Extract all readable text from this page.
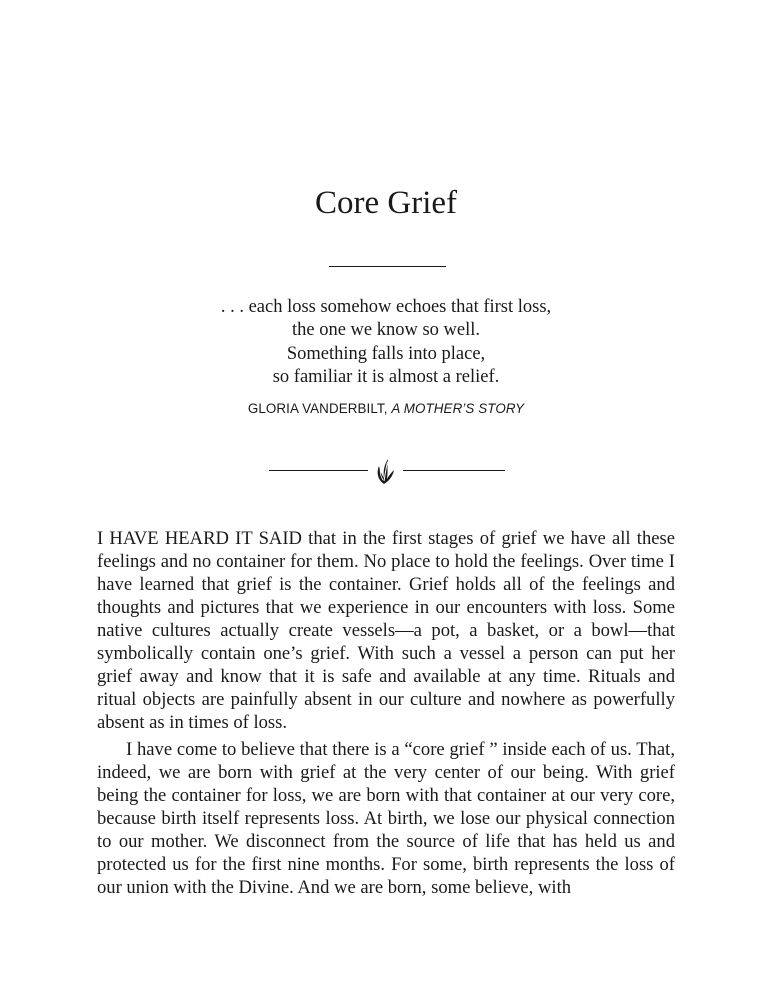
Core Grief
. . . each loss somehow echoes that first loss,
the one we know so well.
Something falls into place,
so familiar it is almost a relief.
GLORIA VANDERBILT, A MOTHER’S STORY

I HAVE HEARD IT SAID that in the first stages of grief we have all these feelings and no container for them. No place to hold the feelings. Over time I have learned that grief is the container. Grief holds all of the feelings and thoughts and pictures that we experience in our encounters with loss. Some native cultures actually create vessels—a pot, a basket, or a bowl—that symbolically contain one’s grief. With such a vessel a person can put her grief away and know that it is safe and available at any time. Rituals and ritual objects are painfully absent in our culture and nowhere as powerfully absent as in times of loss.

I have come to believe that there is a “core grief ” inside each of us. That, indeed, we are born with grief at the very center of our being. With grief being the container for loss, we are born with that container at our very core, because birth itself represents loss. At birth, we lose our physical connection to our mother. We disconnect from the source of life that has held us and protected us for the first nine months. For some, birth represents the loss of our union with the Divine. And we are born, some believe, with
